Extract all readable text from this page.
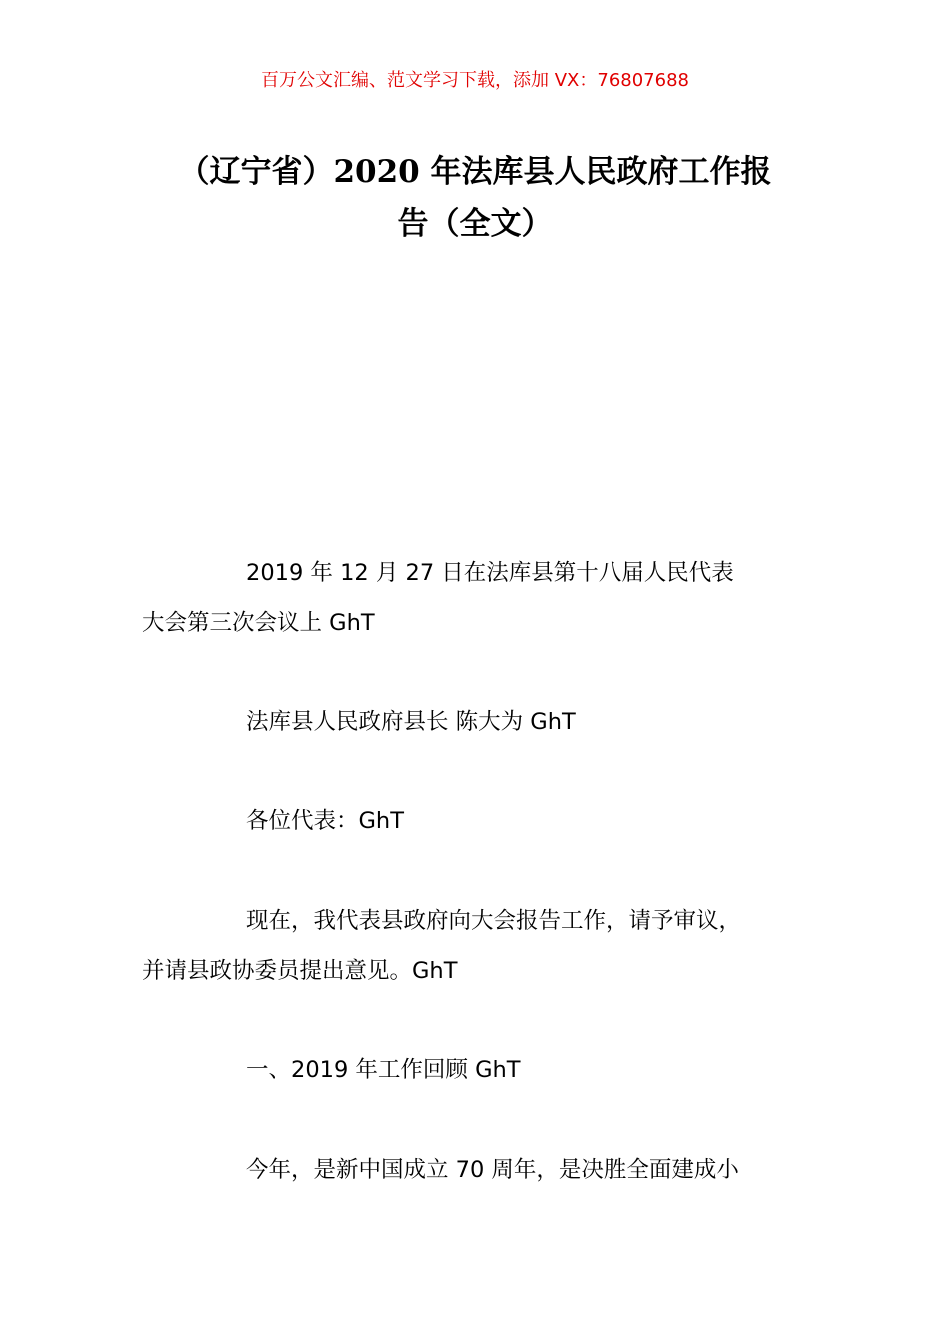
百万公文汇编、范文学习下载，添加 VX：76807688
（辽宁省）2020 年法库县人民政府工作报
告（全文）

2019 年 12 月 27 日在法库县第十八届人民代表
大会第三次会议上 GhT

法库县人民政府县长 陈大为 GhT

各位代表：GhT

现在，我代表县政府向大会报告工作，请予审议，
并请县政协委员提出意见。GhT

一、2019 年工作回顾 GhT

今年，是新中国成立 70 周年，是决胜全面建成小
